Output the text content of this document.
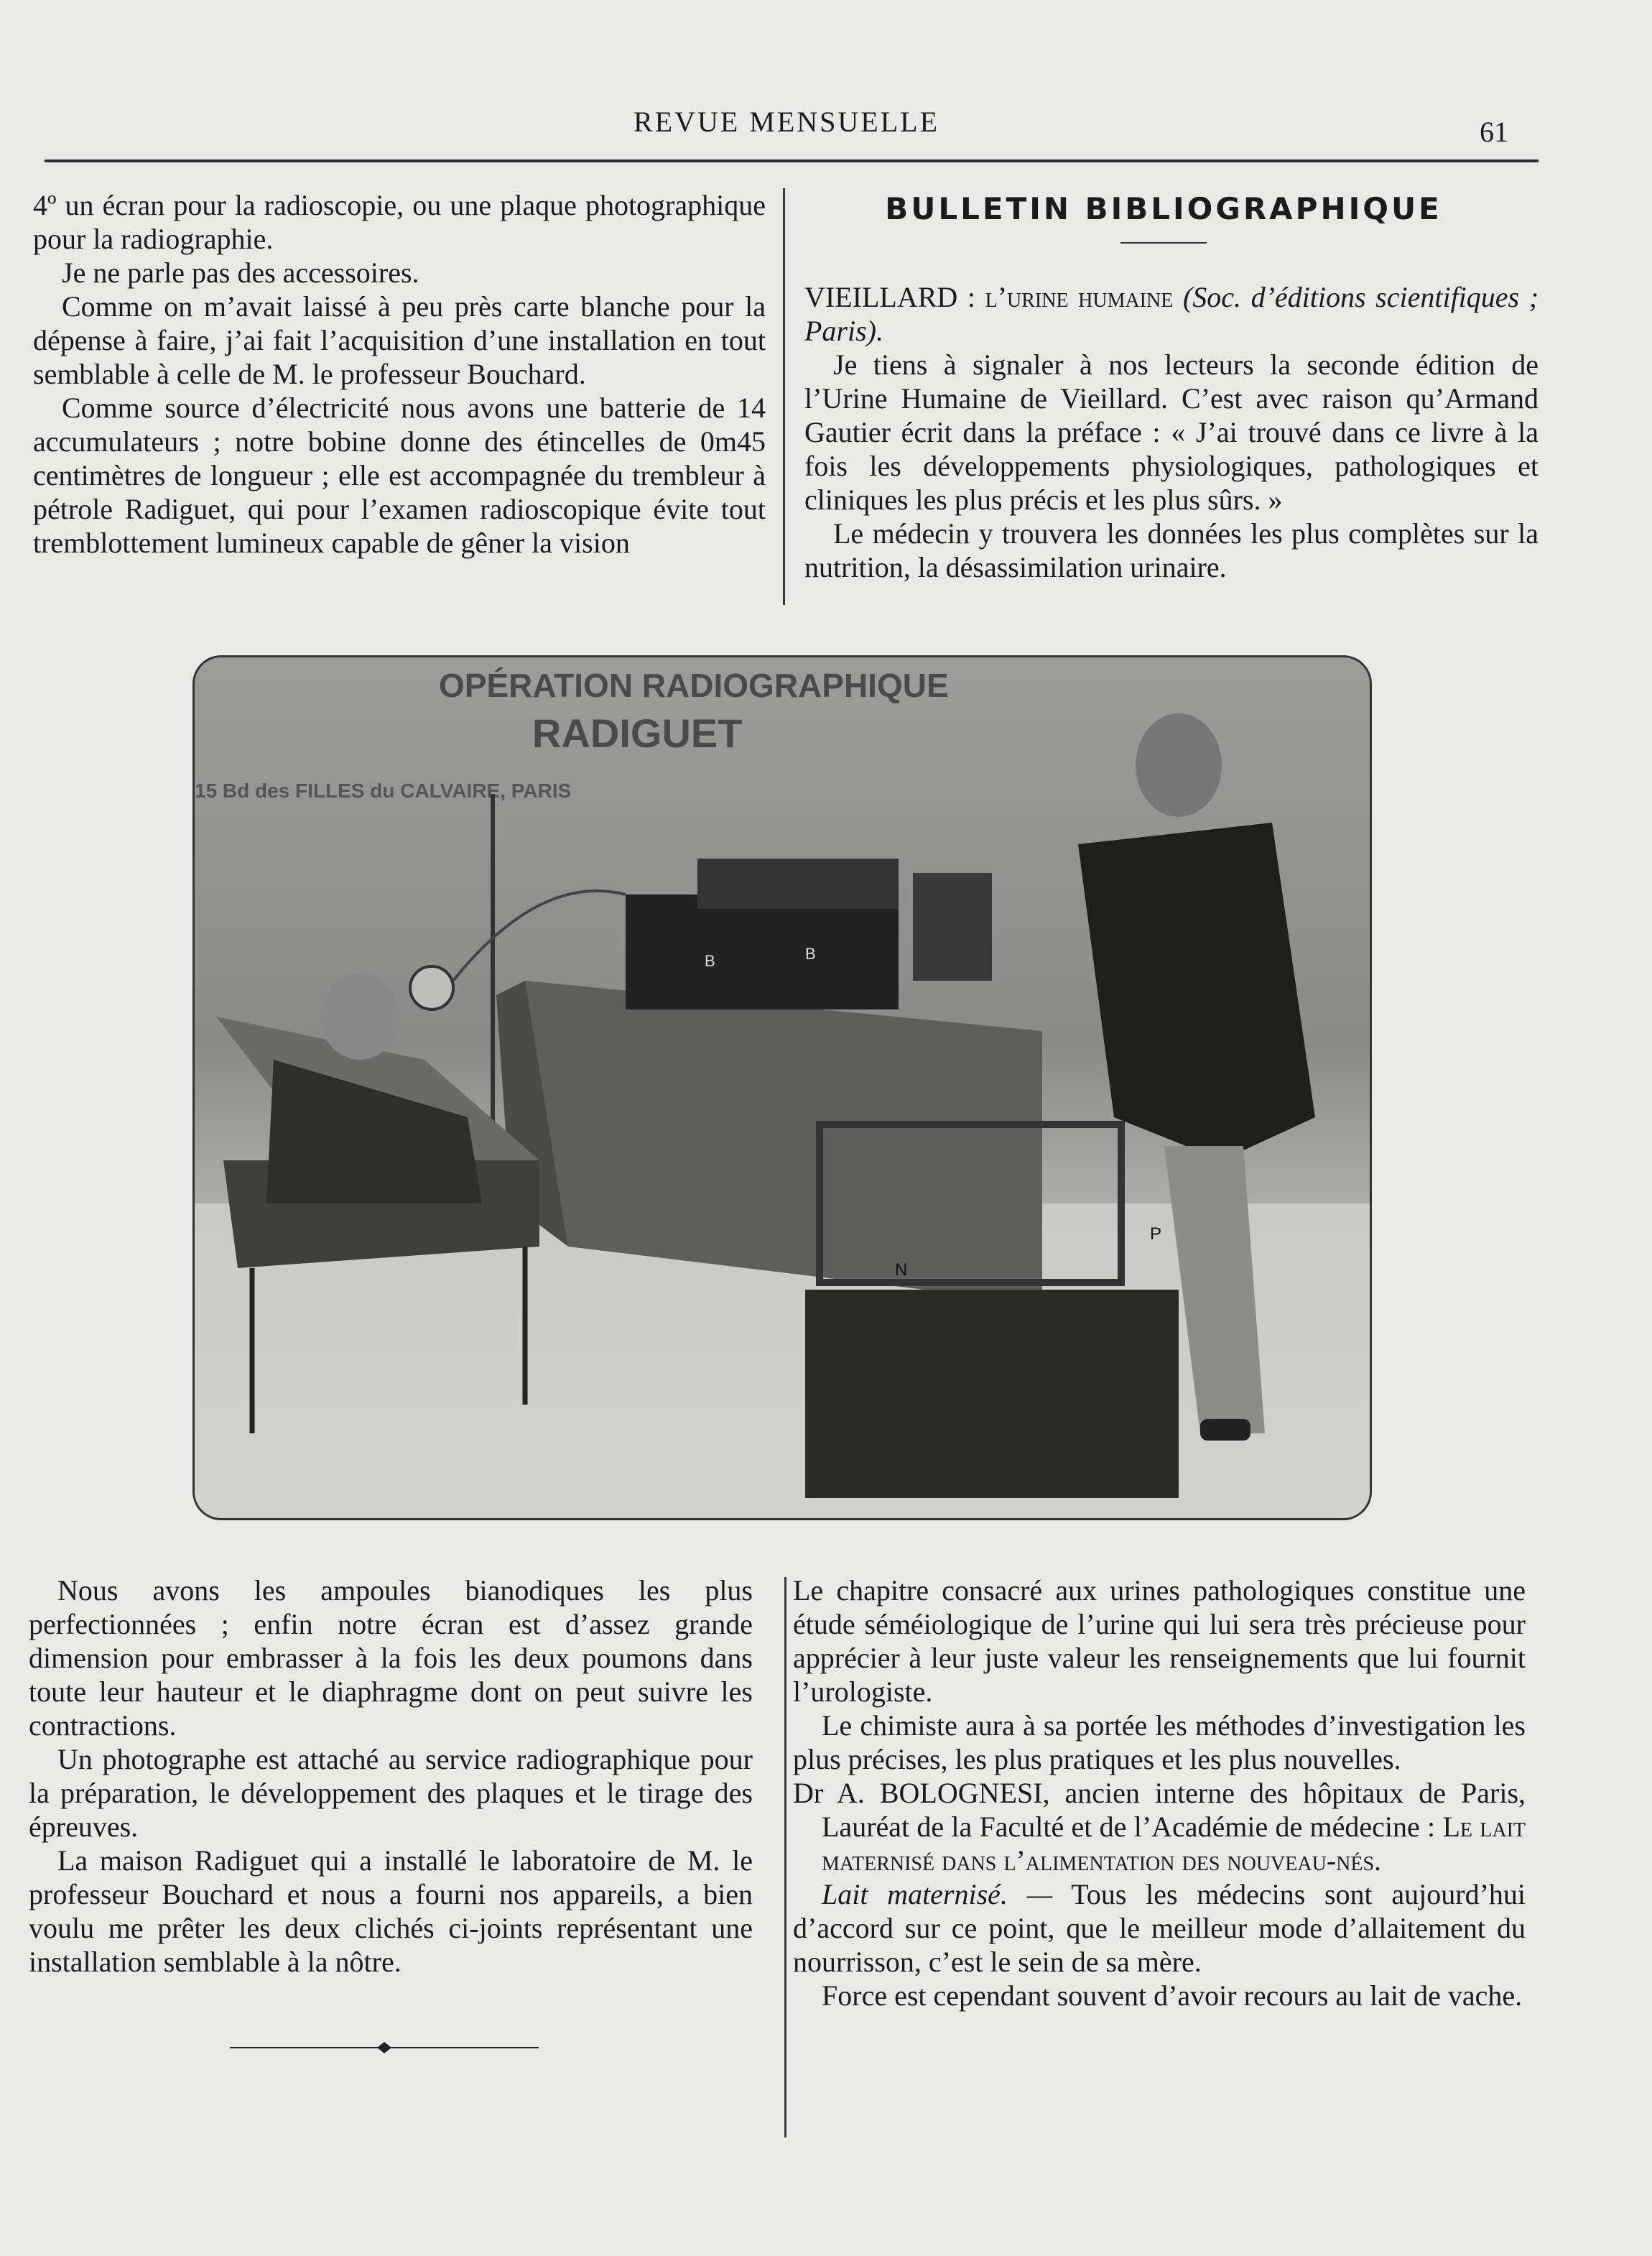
REVUE MENSUELLE	61

4º un écran pour la radioscopie, ou une plaque photographique pour la radiographie.

Je ne parle pas des accessoires.

Comme on m’avait laissé à peu près carte blanche pour la dépense à faire, j’ai fait l’acquisition d’une installation en tout semblable à celle de M. le professeur Bouchard.

Comme source d’électricité nous avons une batterie de 14 accumulateurs ; notre bobine donne des étincelles de 0m45 centimètres de longueur ; elle est accompagnée du trembleur à pétrole Radiguet, qui pour l’examen radioscopique évite tout tremblottement lumineux capable de gêner la vision

BULLETIN BIBLIOGRAPHIQUE

VIEILLARD : l’urine humaine (Soc. d’éditions scientifiques ; Paris).

Je tiens à signaler à nos lecteurs la seconde édition de l’Urine Humaine de Vieillard. C’est avec raison qu’Armand Gautier écrit dans la préface : « J’ai trouvé dans ce livre à la fois les développements physiologiques, pathologiques et cliniques les plus précis et les plus sûrs. »

Le médecin y trouvera les données les plus complètes sur la nutrition, la désassimilation urinaire.

OPÉRATION RADIOGRAPHIQUE
RADIGUET
15 Bd des FILLES du CALVAIRE, PARIS
B	B
N
P

Nous avons les ampoules bianodiques les plus perfectionnées ; enfin notre écran est d’assez grande dimension pour embrasser à la fois les deux poumons dans toute leur hauteur et le diaphragme dont on peut suivre les contractions.

Un photographe est attaché au service radiographique pour la préparation, le développement des plaques et le tirage des épreuves.

La maison Radiguet qui a installé le laboratoire de M. le professeur Bouchard et nous a fourni nos appareils, a bien voulu me prêter les deux clichés ci-joints représentant une installation semblable à la nôtre.

Le chapitre consacré aux urines pathologiques constitue une étude séméiologique de l’urine qui lui sera très précieuse pour apprécier à leur juste valeur les renseignements que lui fournit l’urologiste.

Le chimiste aura à sa portée les méthodes d’investigation les plus précises, les plus pratiques et les plus nouvelles.

Dr A. BOLOGNESI, ancien interne des hôpitaux de Paris, Lauréat de la Faculté et de l’Académie de médecine : Le lait maternisé dans l’alimentation des nouveau-nés.

Lait maternisé. — Tous les médecins sont aujourd’hui d’accord sur ce point, que le meilleur mode d’allaitement du nourrisson, c’est le sein de sa mère.

Force est cependant souvent d’avoir recours au lait de vache.
